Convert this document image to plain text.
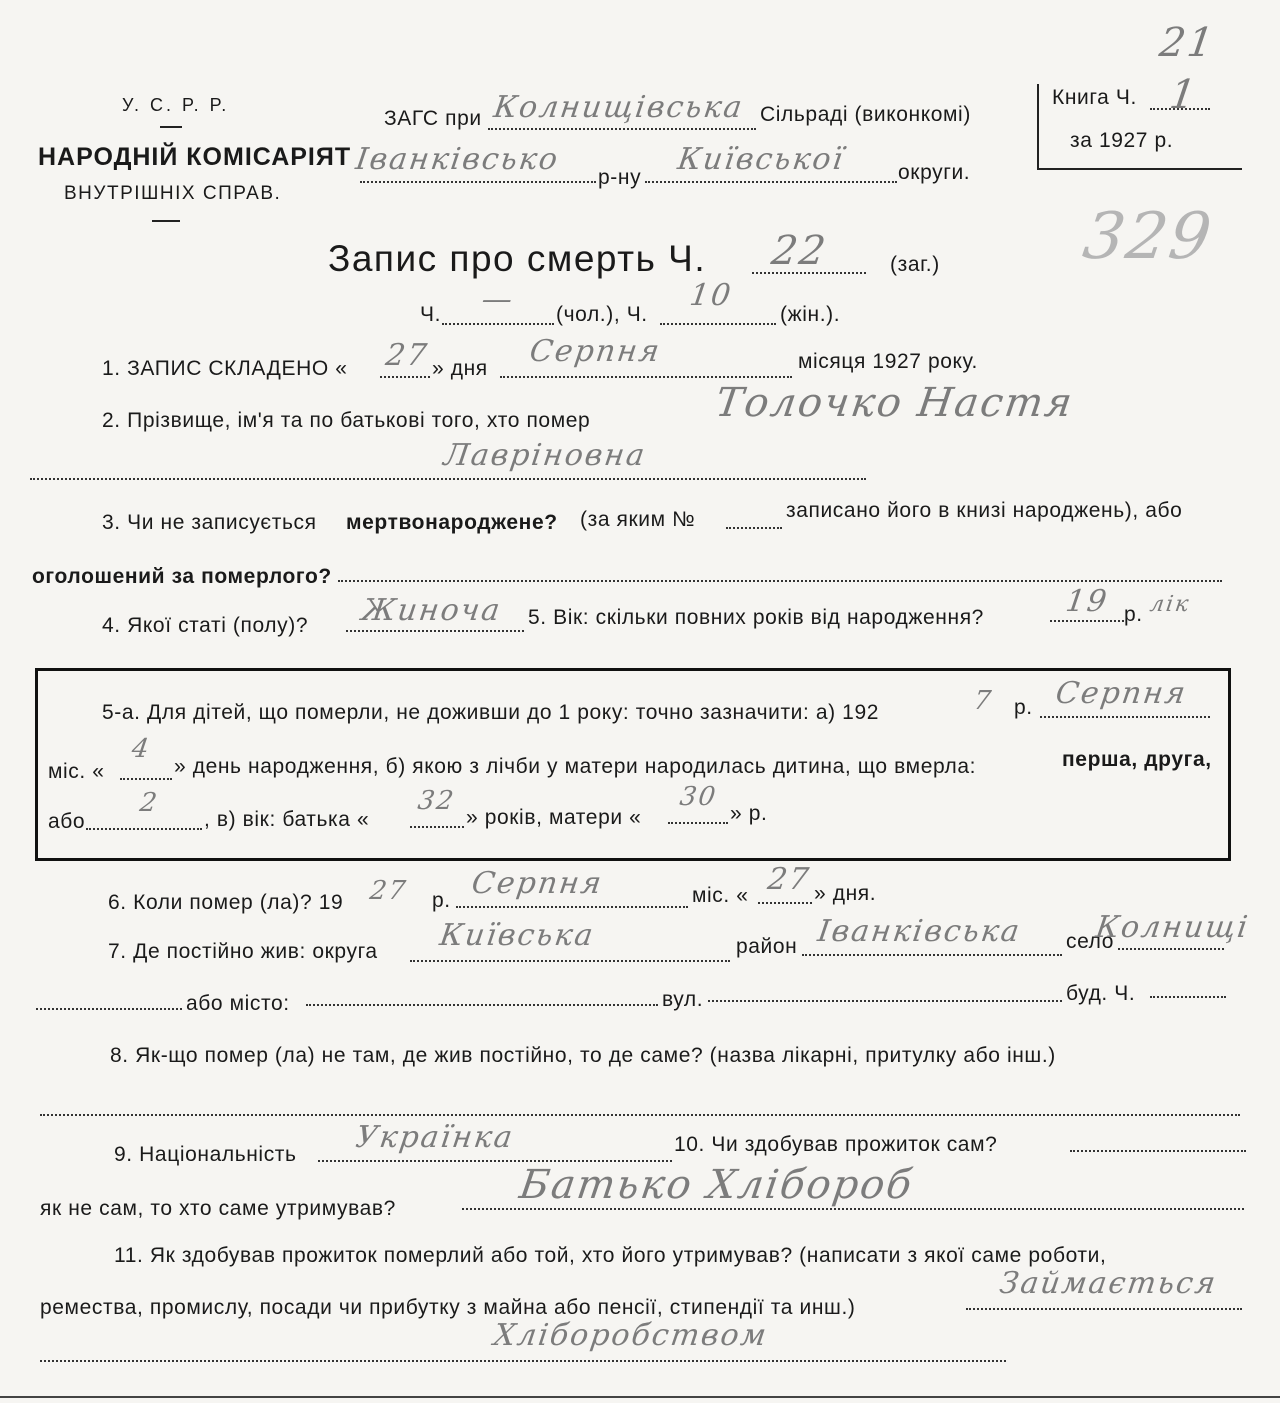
У. С. Р. Р.
НАРОДНІЙ КОМІСАРІЯТ
ВНУТРІШНІХ СПРАВ.
Книга Ч. 1
21
за 1927 р.
ЗАГС при Колнищівська Сільраді (виконкомі)
Іванківсько
р-ну
Київської округи.
329
Запис про смерть Ч. 22	(заг.)
Ч. — (чол.), Ч.
10
(жін.).
1. ЗАПИС СКЛАДЕНО « 27 » дня Серпня	місяця 1927 року.
2. Прізвище, ім'я та по батькові того, хто помер	Толочко Настя
Лавріновна
3. Чи не записується мертвонароджене? (за яким №	записано його в книзі народжень), або
оголошений за померлого?
4. Якої статі (полу)? Жиноча 5. Вік: скільки повних років від народження?	19 р. лік
5-а. Для дітей, що померли, не доживши до 1 року: точно зазначити: а) 192	7 р. Серпня
міс. «
4
» день народження, б) якою з лічби у матери народилась дитина, що вмерла:	перша, друга,
або
2
, в) вік: батька «
32
» років, матери «
30
» р.
6. Коли помер (ла)? 19 27 р. Серпня	міс. « 27 » дня.
7. Де постійно жив: округа Київська	район Іванківська село
Колнищі
або місто:	вул.	буд. Ч.
8. Як-що помер (ла) не там, де жив постійно, то де саме? (назва лікарні, притулку або інш.)
9. Національність Українка	10. Чи здобував прожиток сам?
як не сам, то хто саме утримував?
Батько Хлібороб
11. Як здобував прожиток померлий або той, хто його утримував? (написати з якої саме роботи,
ремества, промислу, посади чи прибутку з майна або пенсії, стипендії та инш.)
Займається
Хліборобством
